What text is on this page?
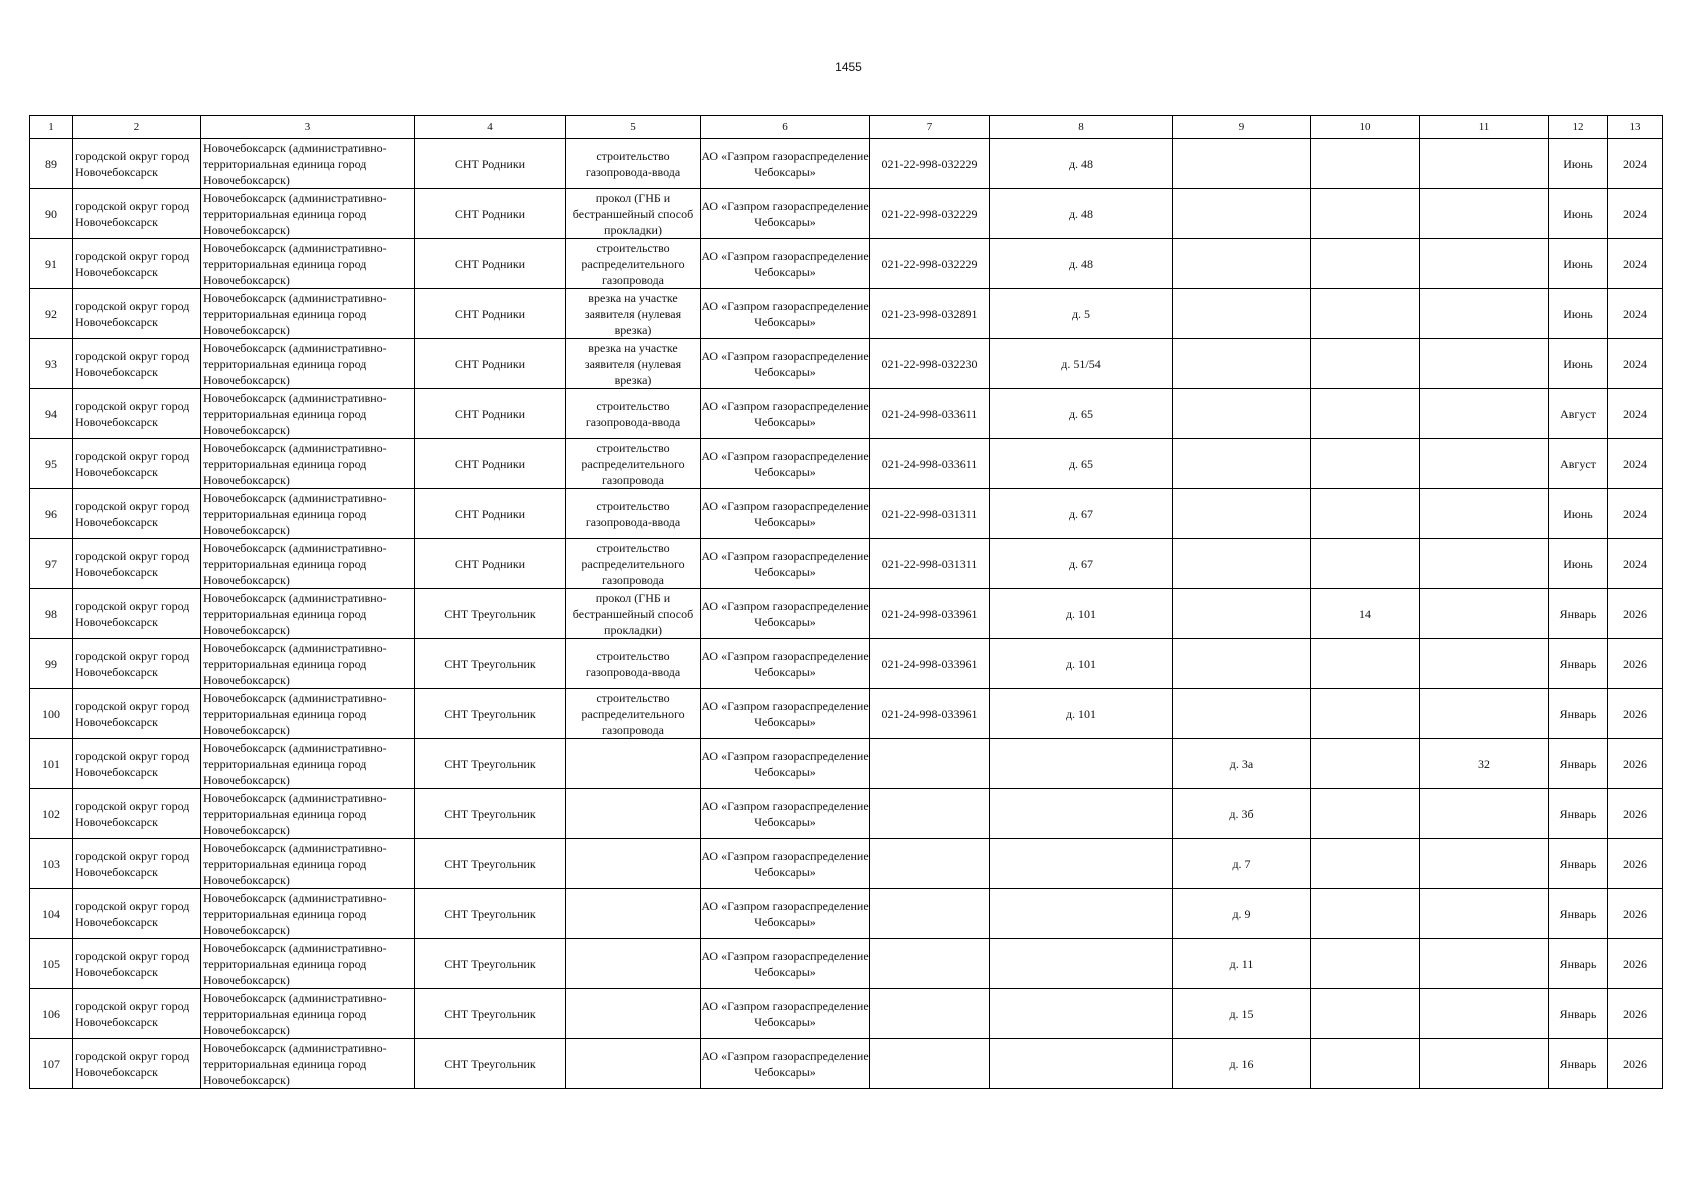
1455
1	2	3	4	5	6	7	8	9	10	11	12	13
89	городской округ город Новочебоксарск	Новочебоксарск (административно-территориальная единица город Новочебоксарск)	СНТ Родники	строительство газопровода-ввода	АО «Газпром газораспределение Чебоксары»	021-22-998-032229	д. 48				Июнь	2024
90	городской округ город Новочебоксарск	Новочебоксарск (административно-территориальная единица город Новочебоксарск)	СНТ Родники	прокол (ГНБ и бестраншейный способ прокладки)	АО «Газпром газораспределение Чебоксары»	021-22-998-032229	д. 48				Июнь	2024
91	городской округ город Новочебоксарск	Новочебоксарск (административно-территориальная единица город Новочебоксарск)	СНТ Родники	строительство распределительного газопровода	АО «Газпром газораспределение Чебоксары»	021-22-998-032229	д. 48				Июнь	2024
92	городской округ город Новочебоксарск	Новочебоксарск (административно-территориальная единица город Новочебоксарск)	СНТ Родники	врезка на участке заявителя (нулевая врезка)	АО «Газпром газораспределение Чебоксары»	021-23-998-032891	д. 5				Июнь	2024
93	городской округ город Новочебоксарск	Новочебоксарск (административно-территориальная единица город Новочебоксарск)	СНТ Родники	врезка на участке заявителя (нулевая врезка)	АО «Газпром газораспределение Чебоксары»	021-22-998-032230	д. 51/54				Июнь	2024
94	городской округ город Новочебоксарск	Новочебоксарск (административно-территориальная единица город Новочебоксарск)	СНТ Родники	строительство газопровода-ввода	АО «Газпром газораспределение Чебоксары»	021-24-998-033611	д. 65				Август	2024
95	городской округ город Новочебоксарск	Новочебоксарск (административно-территориальная единица город Новочебоксарск)	СНТ Родники	строительство распределительного газопровода	АО «Газпром газораспределение Чебоксары»	021-24-998-033611	д. 65				Август	2024
96	городской округ город Новочебоксарск	Новочебоксарск (административно-территориальная единица город Новочебоксарск)	СНТ Родники	строительство газопровода-ввода	АО «Газпром газораспределение Чебоксары»	021-22-998-031311	д. 67				Июнь	2024
97	городской округ город Новочебоксарск	Новочебоксарск (административно-территориальная единица город Новочебоксарск)	СНТ Родники	строительство распределительного газопровода	АО «Газпром газораспределение Чебоксары»	021-22-998-031311	д. 67				Июнь	2024
98	городской округ город Новочебоксарск	Новочебоксарск (административно-территориальная единица город Новочебоксарск)	СНТ Треугольник	прокол (ГНБ и бестраншейный способ прокладки)	АО «Газпром газораспределение Чебоксары»	021-24-998-033961	д. 101		14		Январь	2026
99	городской округ город Новочебоксарск	Новочебоксарск (административно-территориальная единица город Новочебоксарск)	СНТ Треугольник	строительство газопровода-ввода	АО «Газпром газораспределение Чебоксары»	021-24-998-033961	д. 101				Январь	2026
100	городской округ город Новочебоксарск	Новочебоксарск (административно-территориальная единица город Новочебоксарск)	СНТ Треугольник	строительство распределительного газопровода	АО «Газпром газораспределение Чебоксары»	021-24-998-033961	д. 101				Январь	2026
101	городской округ город Новочебоксарск	Новочебоксарск (административно-территориальная единица город Новочебоксарск)	СНТ Треугольник		АО «Газпром газораспределение Чебоксары»			д. 3а		32	Январь	2026
102	городской округ город Новочебоксарск	Новочебоксарск (административно-территориальная единица город Новочебоксарск)	СНТ Треугольник		АО «Газпром газораспределение Чебоксары»			д. 3б			Январь	2026
103	городской округ город Новочебоксарск	Новочебоксарск (административно-территориальная единица город Новочебоксарск)	СНТ Треугольник		АО «Газпром газораспределение Чебоксары»			д. 7			Январь	2026
104	городской округ город Новочебоксарск	Новочебоксарск (административно-территориальная единица город Новочебоксарск)	СНТ Треугольник		АО «Газпром газораспределение Чебоксары»			д. 9			Январь	2026
105	городской округ город Новочебоксарск	Новочебоксарск (административно-территориальная единица город Новочебоксарск)	СНТ Треугольник		АО «Газпром газораспределение Чебоксары»			д. 11			Январь	2026
106	городской округ город Новочебоксарск	Новочебоксарск (административно-территориальная единица город Новочебоксарск)	СНТ Треугольник		АО «Газпром газораспределение Чебоксары»			д. 15			Январь	2026
107	городской округ город Новочебоксарск	Новочебоксарск (административно-территориальная единица город Новочебоксарск)	СНТ Треугольник		АО «Газпром газораспределение Чебоксары»			д. 16			Январь	2026
